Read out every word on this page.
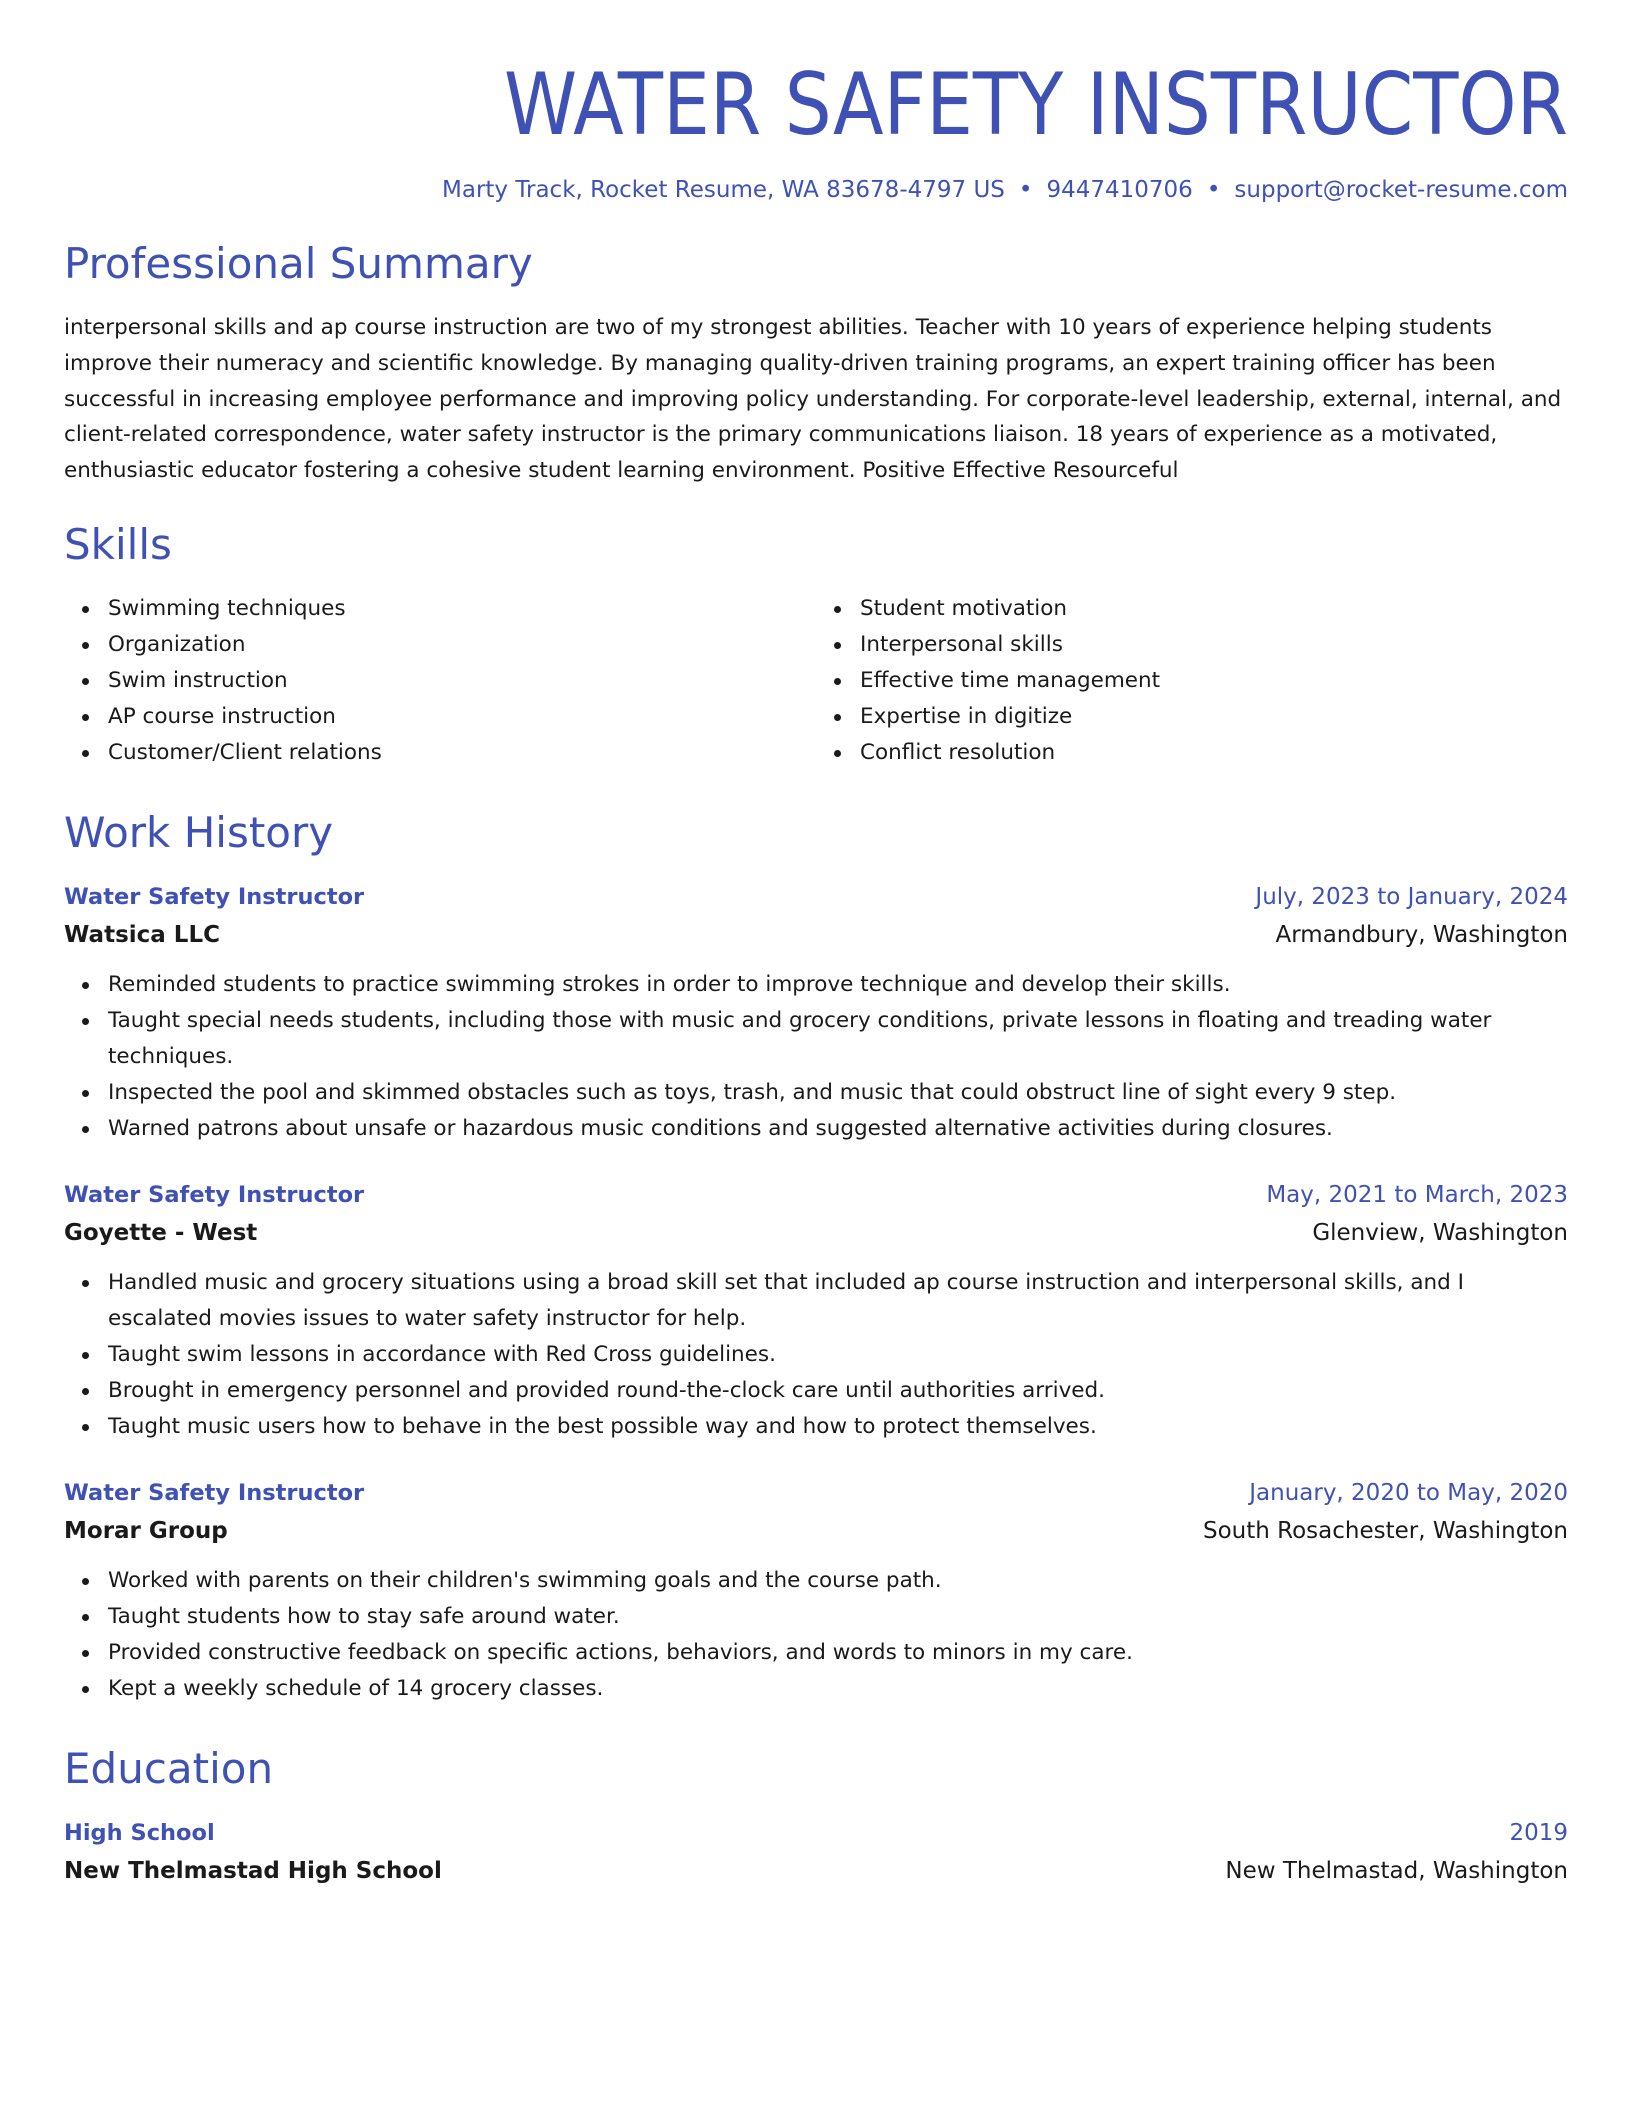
WATER SAFETY INSTRUCTOR
Marty Track, Rocket Resume, WA 83678-4797 US • 9447410706 • support@rocket-resume.com
Professional Summary
interpersonal skills and ap course instruction are two of my strongest abilities. Teacher with 10 years of experience helping students improve their numeracy and scientific knowledge. By managing quality-driven training programs, an expert training officer has been successful in increasing employee performance and improving policy understanding. For corporate-level leadership, external, internal, and client-related correspondence, water safety instructor is the primary communications liaison. 18 years of experience as a motivated, enthusiastic educator fostering a cohesive student learning environment. Positive Effective Resourceful
Skills
Swimming techniques
Organization
Swim instruction
AP course instruction
Customer/Client relations
Student motivation
Interpersonal skills
Effective time management
Expertise in digitize
Conflict resolution
Work History
Water Safety Instructor	July, 2023 to January, 2024
Watsica LLC	Armandbury, Washington
Reminded students to practice swimming strokes in order to improve technique and develop their skills.
Taught special needs students, including those with music and grocery conditions, private lessons in floating and treading water techniques.
Inspected the pool and skimmed obstacles such as toys, trash, and music that could obstruct line of sight every 9 step.
Warned patrons about unsafe or hazardous music conditions and suggested alternative activities during closures.
Water Safety Instructor	May, 2021 to March, 2023
Goyette - West	Glenview, Washington
Handled music and grocery situations using a broad skill set that included ap course instruction and interpersonal skills, and I escalated movies issues to water safety instructor for help.
Taught swim lessons in accordance with Red Cross guidelines.
Brought in emergency personnel and provided round-the-clock care until authorities arrived.
Taught music users how to behave in the best possible way and how to protect themselves.
Water Safety Instructor	January, 2020 to May, 2020
Morar Group	South Rosachester, Washington
Worked with parents on their children's swimming goals and the course path.
Taught students how to stay safe around water.
Provided constructive feedback on specific actions, behaviors, and words to minors in my care.
Kept a weekly schedule of 14 grocery classes.
Education
High School	2019
New Thelmastad High School	New Thelmastad, Washington
